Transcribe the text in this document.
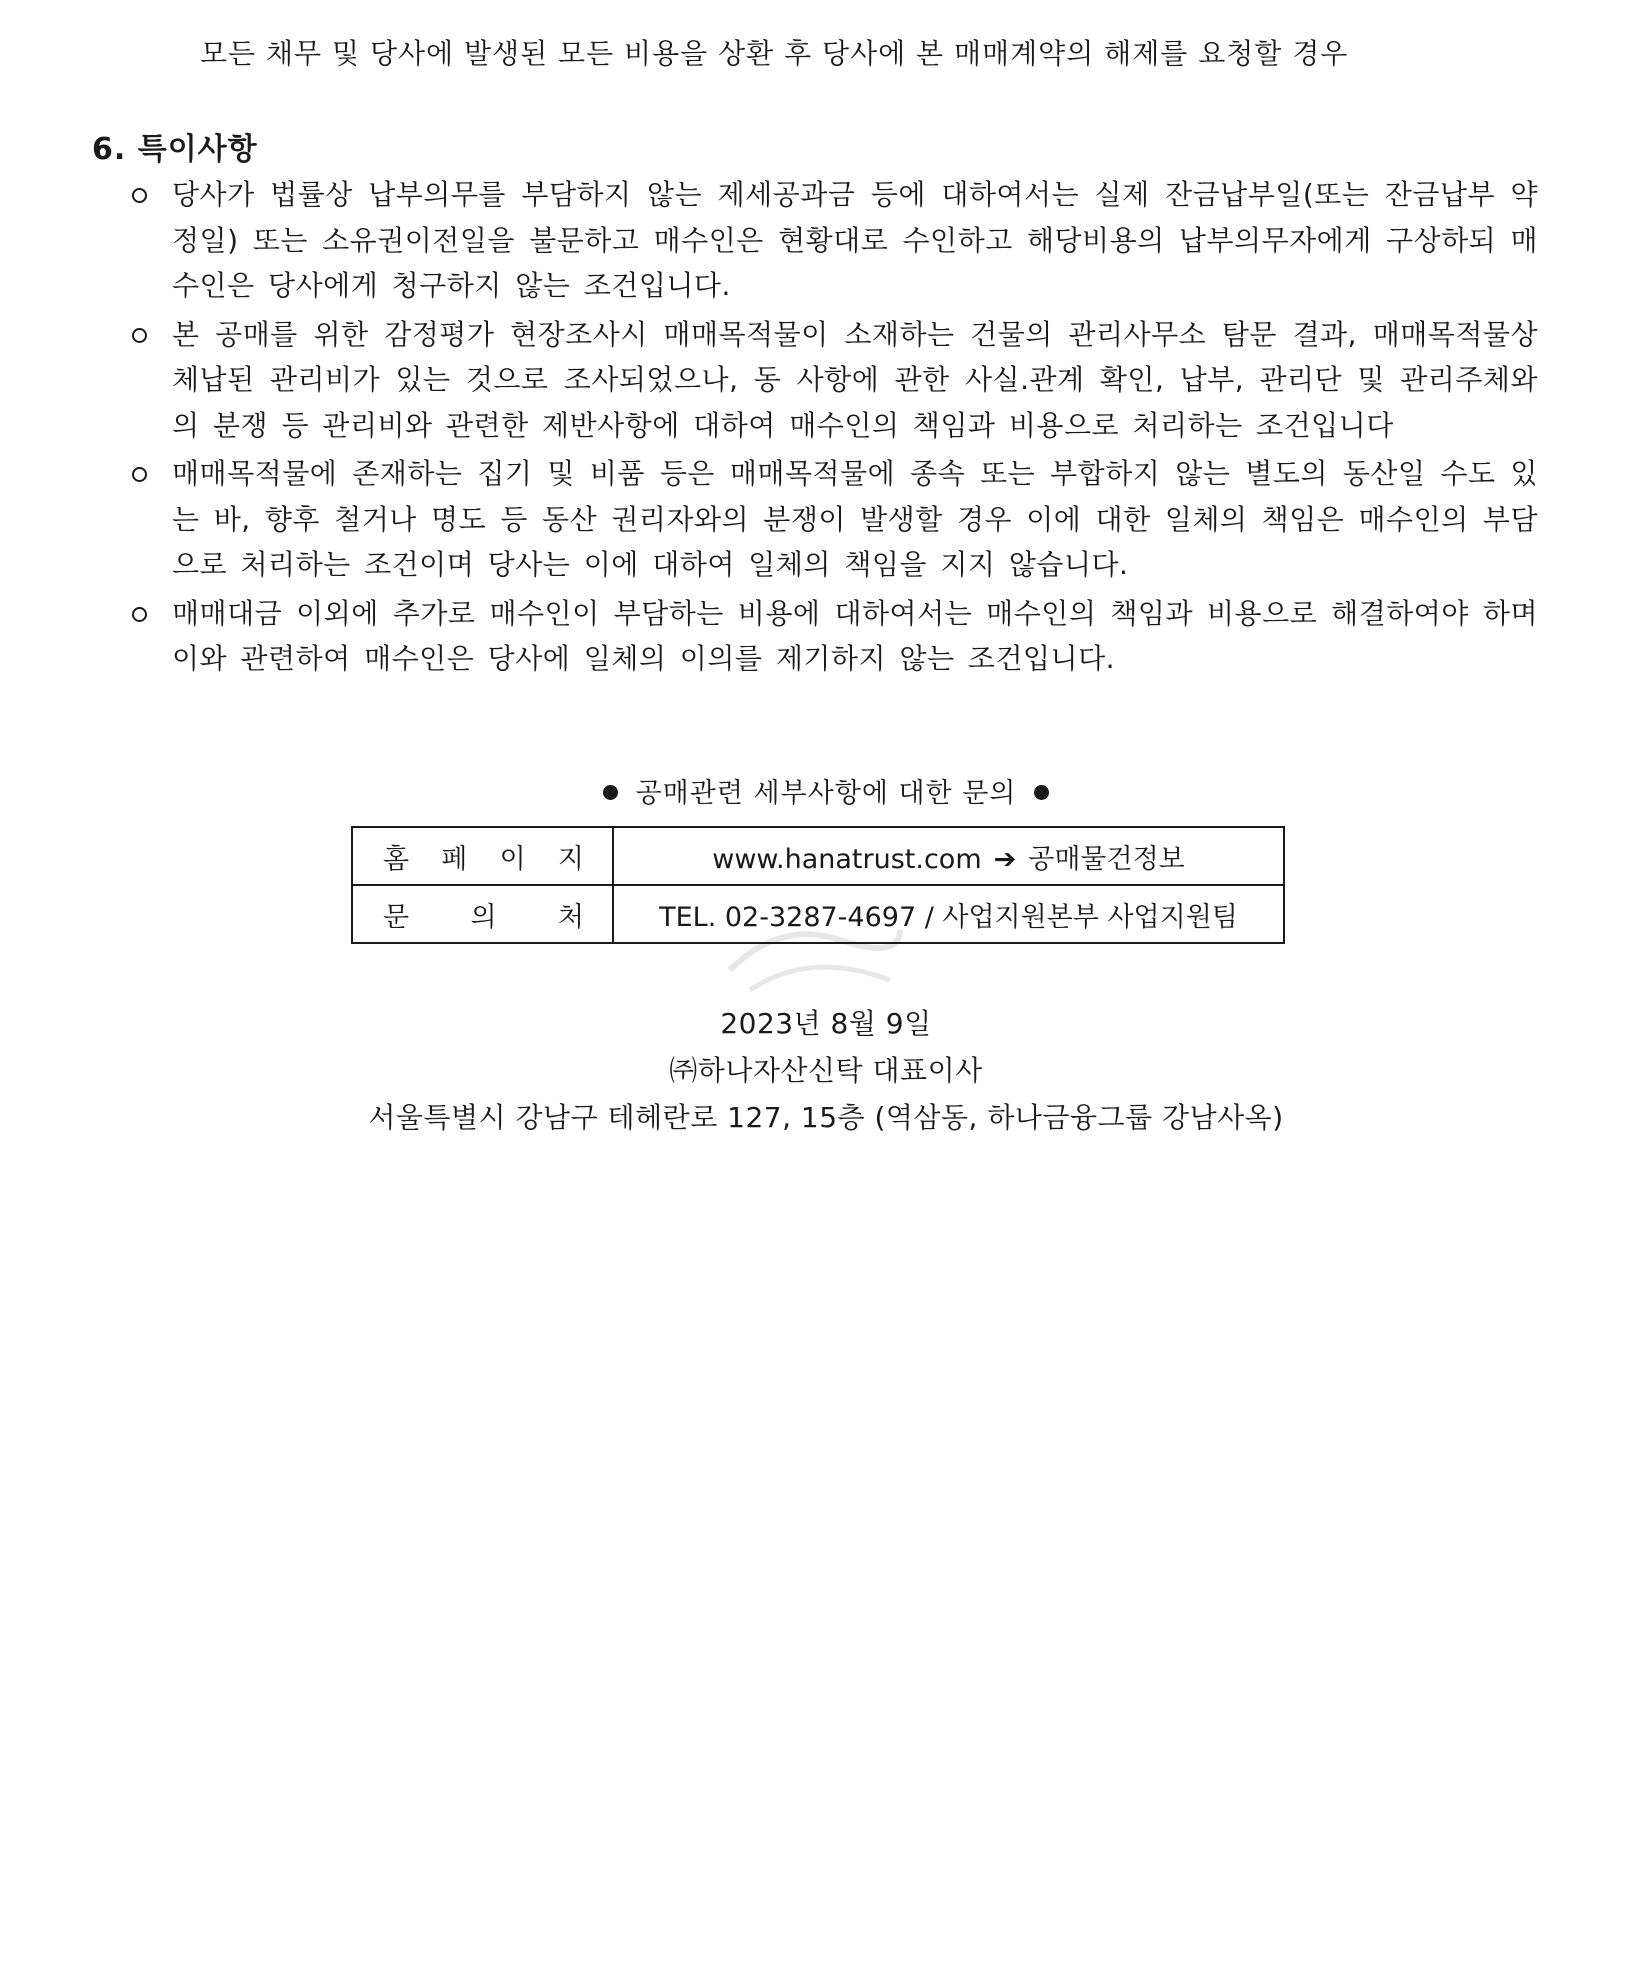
모든 채무 및 당사에 발생된 모든 비용을 상환 후 당사에 본 매매계약의 해제를 요청할 경우
6. 특이사항
당사가 법률상 납부의무를 부담하지 않는 제세공과금 등에 대하여서는 실제 잔금납부일(또는 잔금납부 약정일) 또는 소유권이전일을 불문하고 매수인은 현황대로 수인하고 해당비용의 납부의무자에게 구상하되 매수인은 당사에게 청구하지 않는 조건입니다.
본 공매를 위한 감정평가 현장조사시 매매목적물이 소재하는 건물의 관리사무소 탐문 결과, 매매목적물상 체납된 관리비가 있는 것으로 조사되었으나, 동 사항에 관한 사실.관계 확인, 납부, 관리단 및 관리주체와의 분쟁 등 관리비와 관련한 제반사항에 대하여 매수인의 책임과 비용으로 처리하는 조건입니다
매매목적물에 존재하는 집기 및 비품 등은 매매목적물에 종속 또는 부합하지 않는 별도의 동산일 수도 있는 바, 향후 철거나 명도 등 동산 권리자와의 분쟁이 발생할 경우 이에 대한 일체의 책임은 매수인의 부담으로 처리하는 조건이며 당사는 이에 대하여 일체의 책임을 지지 않습니다.
매매대금 이외에 추가로 매수인이 부담하는 비용에 대하여서는 매수인의 책임과 비용으로 해결하여야 하며 이와 관련하여 매수인은 당사에 일체의 이의를 제기하지 않는 조건입니다.
공매관련 세부사항에 대한 문의
홈 페 이 지	www.hanatrust.com ➔ 공매물건정보

문 의 처	TEL. 02-3287-4697 / 사업지원본부 사업지원팀
2023년 8월 9일
㈜하나자산신탁 대표이사
서울특별시 강남구 테헤란로 127, 15층 (역삼동, 하나금융그룹 강남사옥)
